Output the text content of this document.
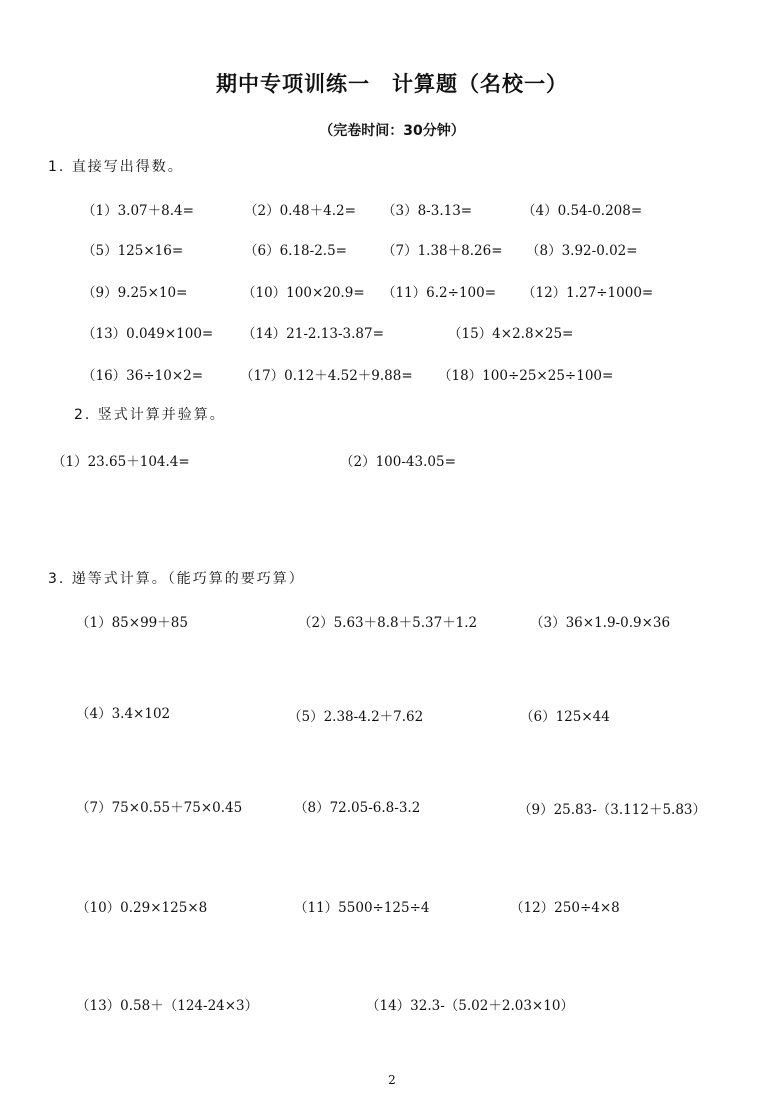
期中专项训练一　计算题（名校一）
（完卷时间：30分钟）
1. 直接写出得数。
（1）3.07＋8.4=	（2）0.48＋4.2= （3）8-3.13=	（4）0.54-0.208=
（5）125×16=	（6）6.18-2.5=	（7）1.38＋8.26= （8）3.92-0.02=
（9）9.25×10=	（10）100×20.9= （11）6.2÷100= （12）1.27÷1000=
（13）0.049×100= （14）21-2.13-3.87=	（15）4×2.8×25=
（16）36÷10×2=	（17）0.12＋4.52＋9.88= （18）100÷25×25÷100=
2. 竖式计算并验算。
（1）23.65＋104.4=	（2）100-43.05=
3. 递等式计算。（能巧算的要巧算）
（1）85×99＋85	（2）5.63＋8.8＋5.37＋1.2	（3）36×1.9-0.9×36
（4）3.4×102	（5）2.38-4.2＋7.62	（6）125×44
（7）75×0.55＋75×0.45	（8）72.05-6.8-3.2	（9）25.83-（3.112＋5.83）
（10）0.29×125×8	（11）5500÷125÷4	（12）250÷4×8
（13）0.58＋（124-24×3）	（14）32.3-（5.02＋2.03×10）
2
